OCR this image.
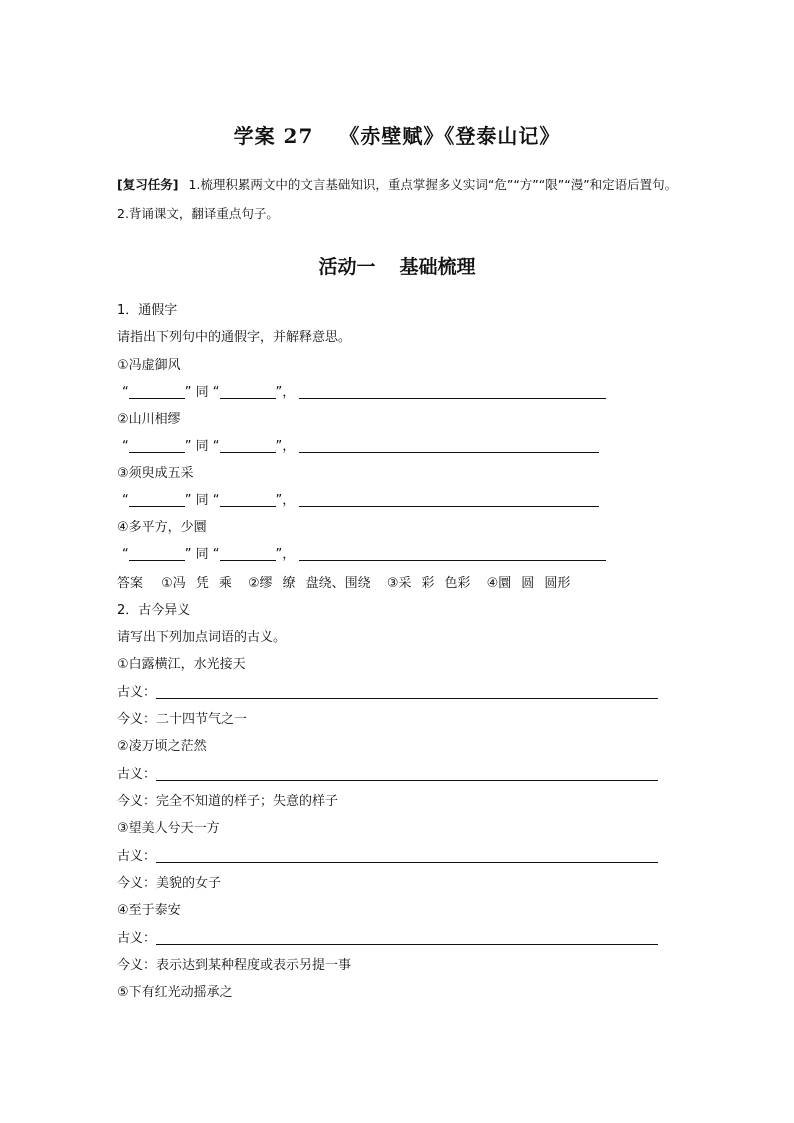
学案 27 《赤壁赋》《登泰山记》
[复习任务] 1.梳理积累两文中的文言基础知识，重点掌握多义实词“危”“方”“限”“漫”和定语后置句。2.背诵课文，翻译重点句子。
活动一 基础梳理
1．通假字
请指出下列句中的通假字，并解释意思。
①冯虚御风
“	” 同 “	”，
②山川相缪
“	” 同 “	”，
③须臾成五采
“	” 同 “	”，
④多平方，少圜
“	” 同 “	”，
答案 ①冯 凭 乘 ②缪 缭 盘绕、围绕 ③采 彩 色彩 ④圜 圆 圆形
2．古今异义
请写出下列加点词语的古义。
①白露横江，水光接天
古义：
今义：二十四节气之一
②凌万顷之茫然
古义：
今义：完全不知道的样子；失意的样子
③望美人兮天一方
古义：
今义：美貌的女子
④至于泰安
古义：
今义：表示达到某种程度或表示另提一事
⑤下有红光动摇承之
